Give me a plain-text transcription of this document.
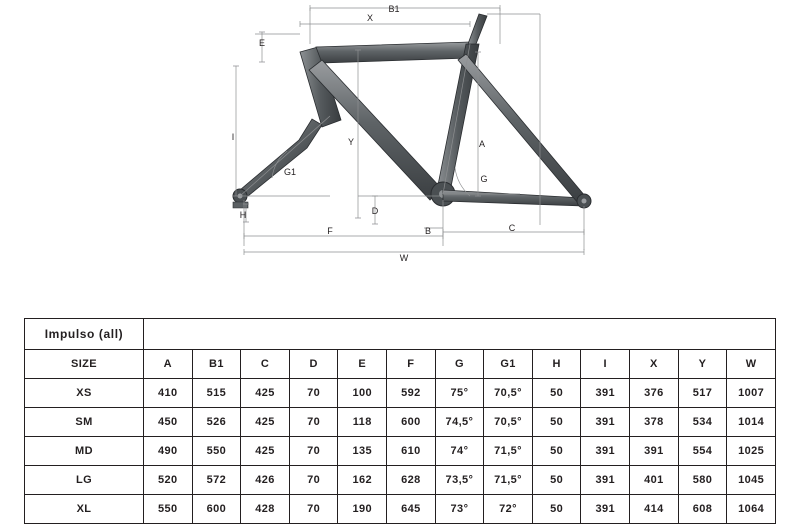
B1
X
E
I
G1
Y	A
G
D
H
F	C
B
W
Impulso (all)													
SIZE	A	B1	C	D	E	F	G	G1	H	I	X	Y	W
XS	410	515	425	70	100	592	75°	70,5°	50	391	376	517	1007
SM	450	526	425	70	118	600	74,5°	70,5°	50	391	378	534	1014
MD	490	550	425	70	135	610	74°	71,5°	50	391	391	554	1025
LG	520	572	426	70	162	628	73,5°	71,5°	50	391	401	580	1045
XL	550	600	428	70	190	645	73°	72°	50	391	414	608	1064
